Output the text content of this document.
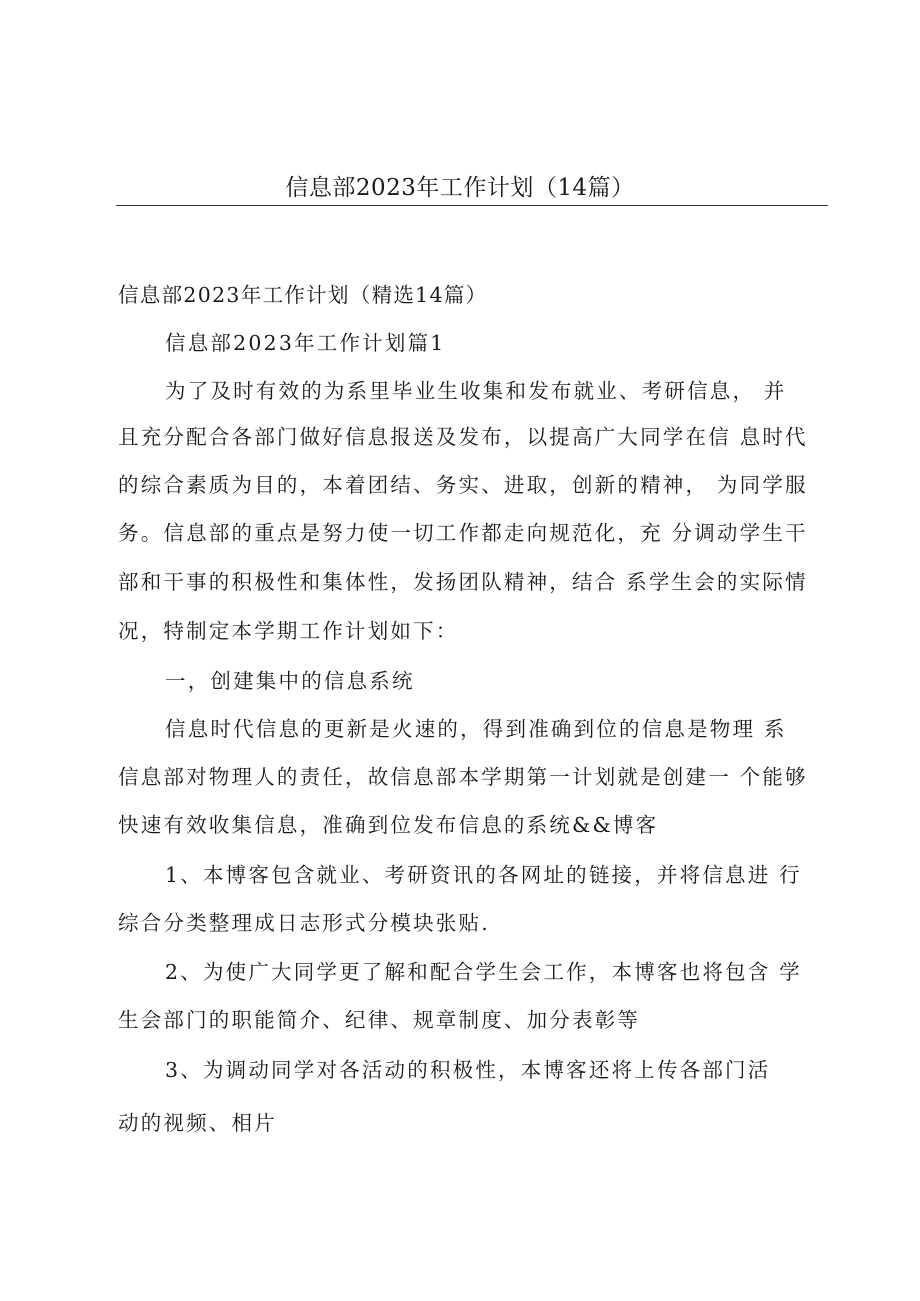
信息部2023年工作计划（14篇）
信息部2023年工作计划（精选14篇）
信息部2023年工作计划篇1
为了及时有效的为系里毕业生收集和发布就业、考研信息， 并
且充分配合各部门做好信息报送及发布，以提高广大同学在信 息时代
的综合素质为目的，本着团结、务实、进取，创新的精神， 为同学服
务。信息部的重点是努力使一切工作都走向规范化，充 分调动学生干
部和干事的积极性和集体性，发扬团队精神，结合 系学生会的实际情
况，特制定本学期工作计划如下：
一，创建集中的信息系统
信息时代信息的更新是火速的，得到准确到位的信息是物理 系
信息部对物理人的责任，故信息部本学期第一计划就是创建一 个能够
快速有效收集信息，准确到位发布信息的系统&&博客
1、本博客包含就业、考研资讯的各网址的链接，并将信息进 行
综合分类整理成日志形式分模块张贴.
2、为使广大同学更了解和配合学生会工作，本博客也将包含 学
生会部门的职能简介、纪律、规章制度、加分表彰等
3、为调动同学对各活动的积极性，本博客还将上传各部门活
动的视频、相片
